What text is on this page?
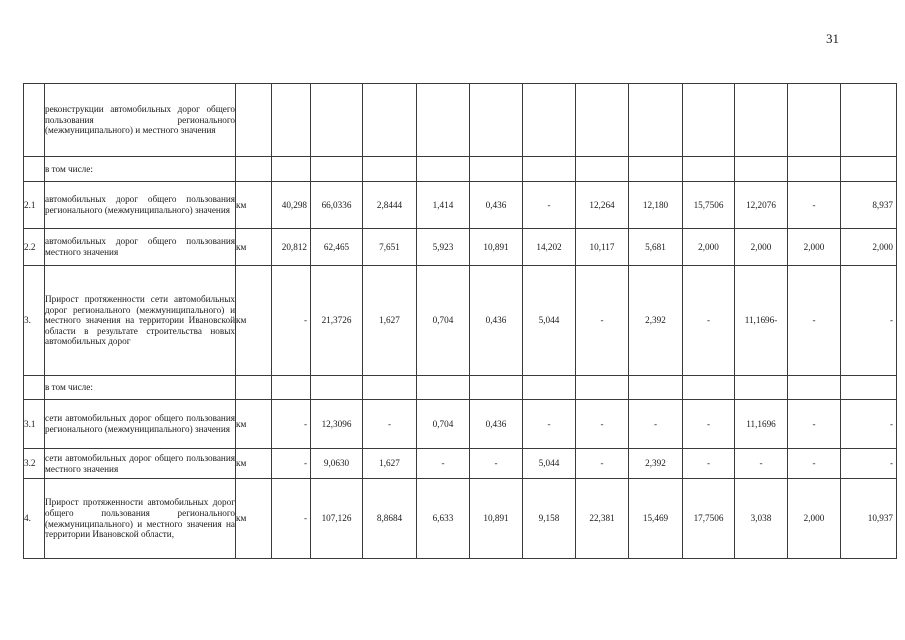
31
	реконструкции автомобильных дорог общего пользования регионального (межмуниципального) и местного значения													
	в том числе:													
2.1	автомобильных дорог общего пользования регионального (межмуниципального) значения	км	40,298	66,0336	2,8444	1,414	0,436	-	12,264	12,180	15,7506	12,2076	-	8,937
2.2	автомобильных дорог общего пользования местного значения	км	20,812	62,465	7,651	5,923	10,891	14,202	10,117	5,681	2,000	2,000	2,000	2,000
3.	Прирост протяженности сети автомобильных дорог регионального (межмуниципального) и местного значения на территории Ивановской области в результате строительства новых автомобильных дорог	км	-	21,3726	1,627	0,704	0,436	5,044	-	2,392	-	11,1696-	-	-
	в том числе:													
3.1	сети автомобильных дорог общего пользования регионального (межмуниципального) значения	км	-	12,3096	-	0,704	0,436	-	-	-	-	11,1696	-	-
3.2	сети автомобильных дорог общего пользования местного значения	км	-	9,0630	1,627	-	-	5,044	-	2,392	-	-	-	-
4.	Прирост протяженности автомобильных дорог общего пользования регионального (межмуниципального) и местного значения на территории Ивановской области,	км	-	107,126	8,8684	6,633	10,891	9,158	22,381	15,469	17,7506	3,038	2,000	10,937
